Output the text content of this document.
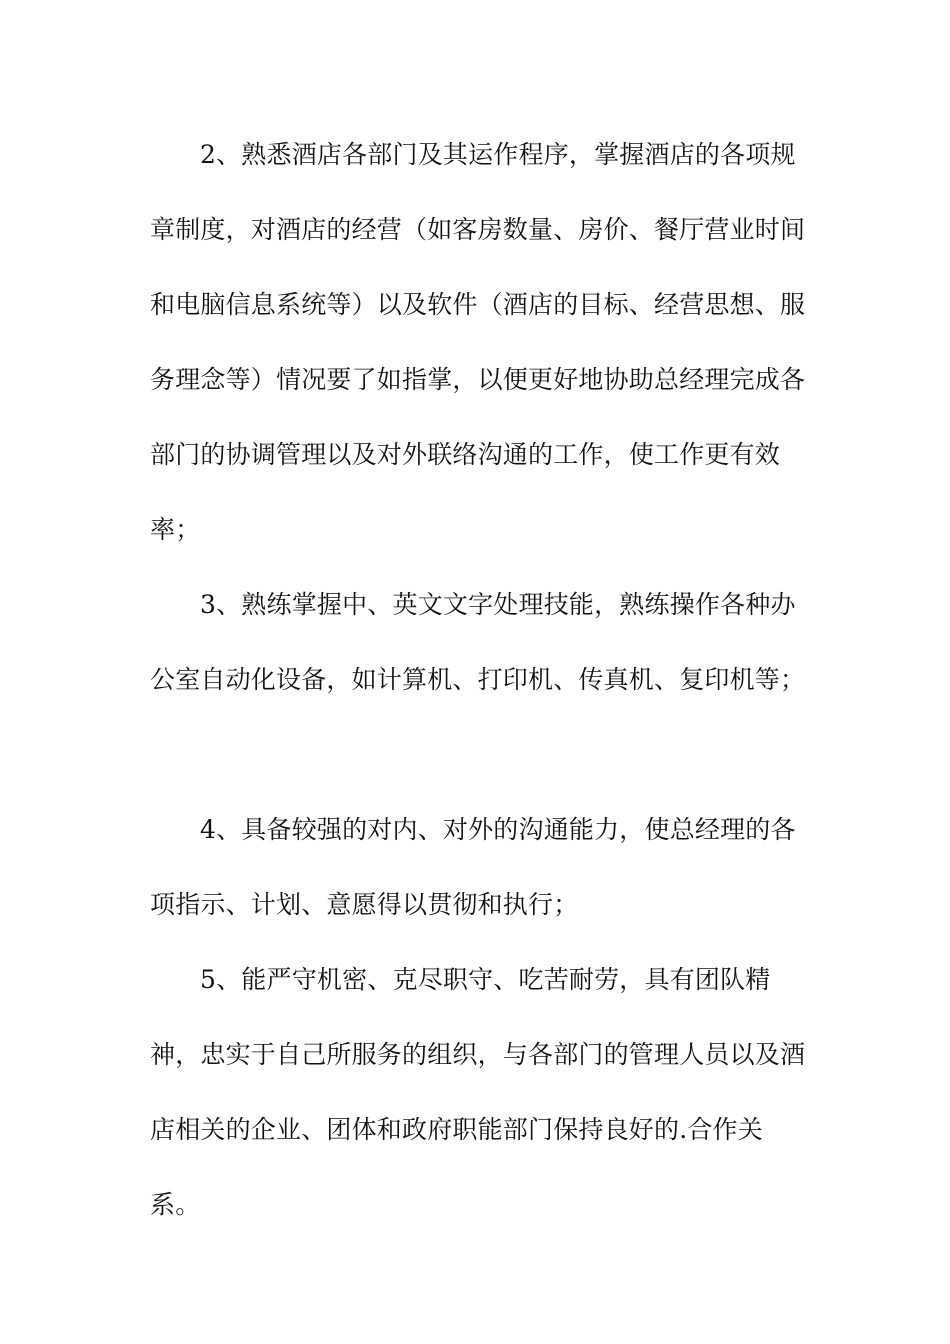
2、熟悉酒店各部门及其运作程序，掌握酒店的各项规章制度，对酒店的经营（如客房数量、房价、餐厅营业时间和电脑信息系统等）以及软件（酒店的目标、经营思想、服务理念等）情况要了如指掌，以便更好地协助总经理完成各部门的协调管理以及对外联络沟通的工作，使工作更有效率；

3、熟练掌握中、英文文字处理技能，熟练操作各种办公室自动化设备，如计算机、打印机、传真机、复印机等；

4、具备较强的对内、对外的沟通能力，使总经理的各项指示、计划、意愿得以贯彻和执行；

5、能严守机密、克尽职守、吃苦耐劳，具有团队精神，忠实于自己所服务的组织，与各部门的管理人员以及酒店相关的企业、团体和政府职能部门保持良好的.合作关系。
